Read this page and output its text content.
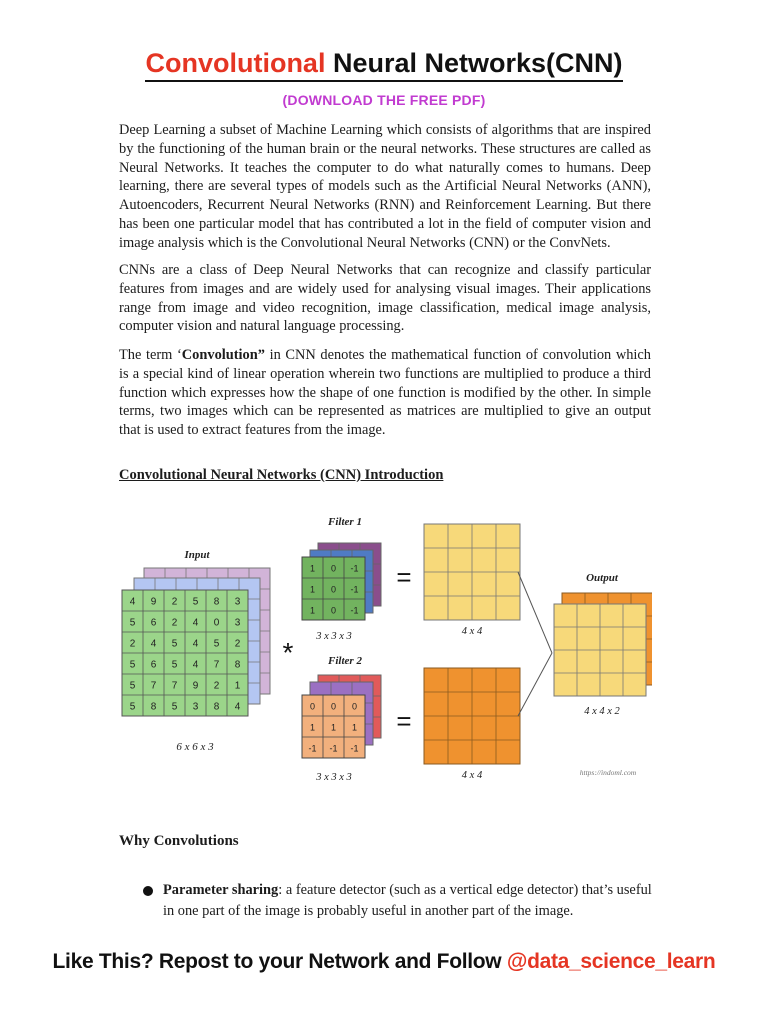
Convolutional Neural Networks(CNN)
(DOWNLOAD THE FREE PDF)

Deep Learning a subset of Machine Learning which consists of algorithms that are inspired by the functioning of the human brain or the neural networks. These structures are called as Neural Networks. It teaches the computer to do what naturally comes to humans. Deep learning, there are several types of models such as the Artificial Neural Networks (ANN), Autoencoders, Recurrent Neural Networks (RNN) and Reinforcement Learning. But there has been one particular model that has contributed a lot in the field of computer vision and image analysis which is the Convolutional Neural Networks (CNN) or the ConvNets.

CNNs are a class of Deep Neural Networks that can recognize and classify particular features from images and are widely used for analysing visual images. Their applications range from image and video recognition, image classification, medical image analysis, computer vision and natural language processing.

The term ‘Convolution” in CNN denotes the mathematical function of convolution which is a special kind of linear operation wherein two functions are multiplied to produce a third function which expresses how the shape of one function is modified by the other. In simple terms, two images which can be represented as matrices are multiplied to give an output that is used to extract features from the image.

Convolutional Neural Networks (CNN) Introduction
Input
4 9 2 5 8 3
5 6 2 4 0 3
2 4 5 4 5 2
5 6 5 4 7 8
5 7 7 9 2 1
5 8 5 3 8 4
6 x 6 x 3
*
Filter 1
1 0 -1
1 0 -1
1 0 -1
3 x 3 x 3
Filter 2
0 0 0
1 1 1
-1 -1 -1
3 x 3 x 3
=
=
4 x 4
4 x 4
Output
4 x 4 x 2
https://indoml.com
Why Convolutions
Parameter sharing: a feature detector (such as a vertical edge detector) that’s useful in one part of the image is probably useful in another part of the image.
Like This? Repost to your Network and Follow @data_science_learn
